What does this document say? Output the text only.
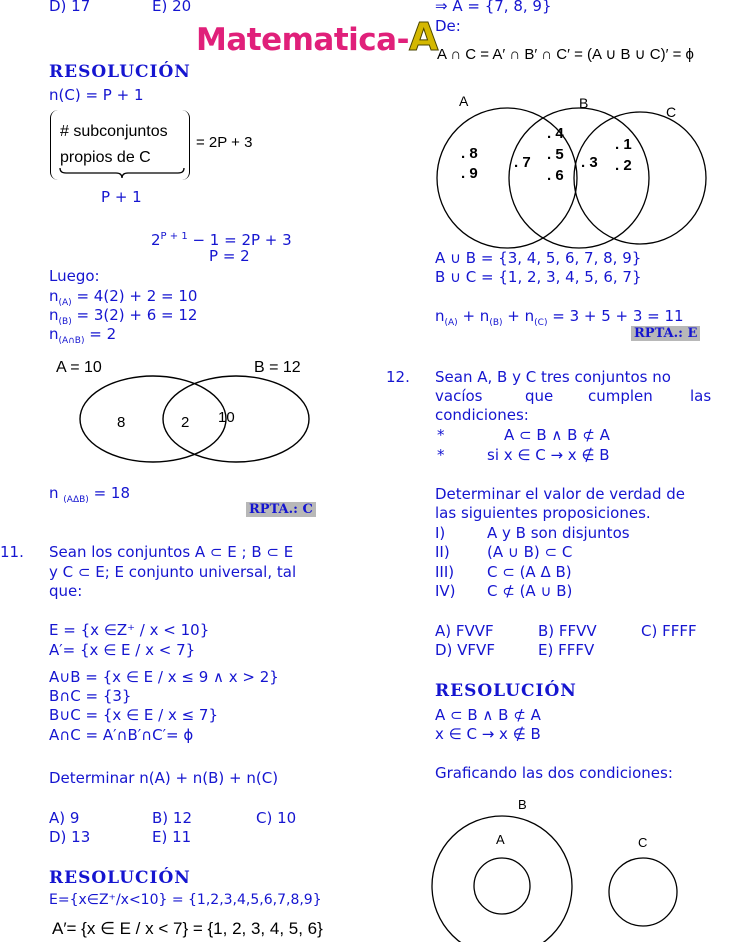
D) 17	E) 20
Matematica-A
RESOLUCIÓN
n(C) = P + 1
# subconjuntos
propios de C
= 2P + 3
P + 1
$2^{P + 1} - 1 = 2P + 3$
P = 2
Luego:
$n_{(A)} = 4(2) + 2 = 10$
$n_{(B)} = 3(2) + 6 = 12$
$n_{(A\cap B)} = 2$
A = 10	B = 12
8	2 10
n $_{(A\Delta B)}$ = 18
RPTA.: C
11. Sean los conjuntos A ⊂ E ; B ⊂ E
y C ⊂ E; E conjunto universal, tal
que:
E = {x ∈Z⁺ / x < 10}
A′= {x ∈ E / x < 7}
A∪B = {x ∈ E / x ≤ 9 ∧ x > 2}
B∩C = {3}
B∪C = {x ∈ E / x ≤ 7}
A∩C = A′∩B′∩C′= ϕ
Determinar n(A) + n(B) + n(C)
A) 9	B) 12	C) 10
D) 13	E) 11
RESOLUCIÓN
E={x∈Z⁺/x<10} = {1,2,3,4,5,6,7,8,9}
A′= {x ∈ E / x < 7} = {1, 2, 3, 4, 5, 6}
⇒ A = {7, 8, 9}
De:
A ∩ C = A′ ∩ B′ ∩ C′ = (A ∪ B ∪ C)′ = ϕ
A	B
C
. 8
. 9
. 7
. 4
. 5
. 6
. 3
. 1
. 2
A ∪ B = {3, 4, 5, 6, 7, 8, 9}
B ∪ C = {1, 2, 3, 4, 5, 6, 7}
$n_{(A)} + n_{(B)} + n_{(C)} = 3 + 5 + 3 = 11$
RPTA.: E
12. Sean A, B y C tres conjuntos no
vacíos	que cumplen las
condiciones:
*	A ⊂ B ∧ B ⊄ A
*	si x ∈ C → x ∉ B
Determinar el valor de verdad de
las siguientes proposiciones.
I)	A y B son disjuntos
II) (A ∪ B) ⊂ C
III) C ⊂ (A Δ B)
IV) C ⊄ (A ∪ B)
A) FVVF	B) FFVV	C) FFFF
D) VFVF	E) FFFV
RESOLUCIÓN
A ⊂ B ∧ B ⊄ A
x ∈ C → x ∉ B
Graficando las dos condiciones:
B
A	C
